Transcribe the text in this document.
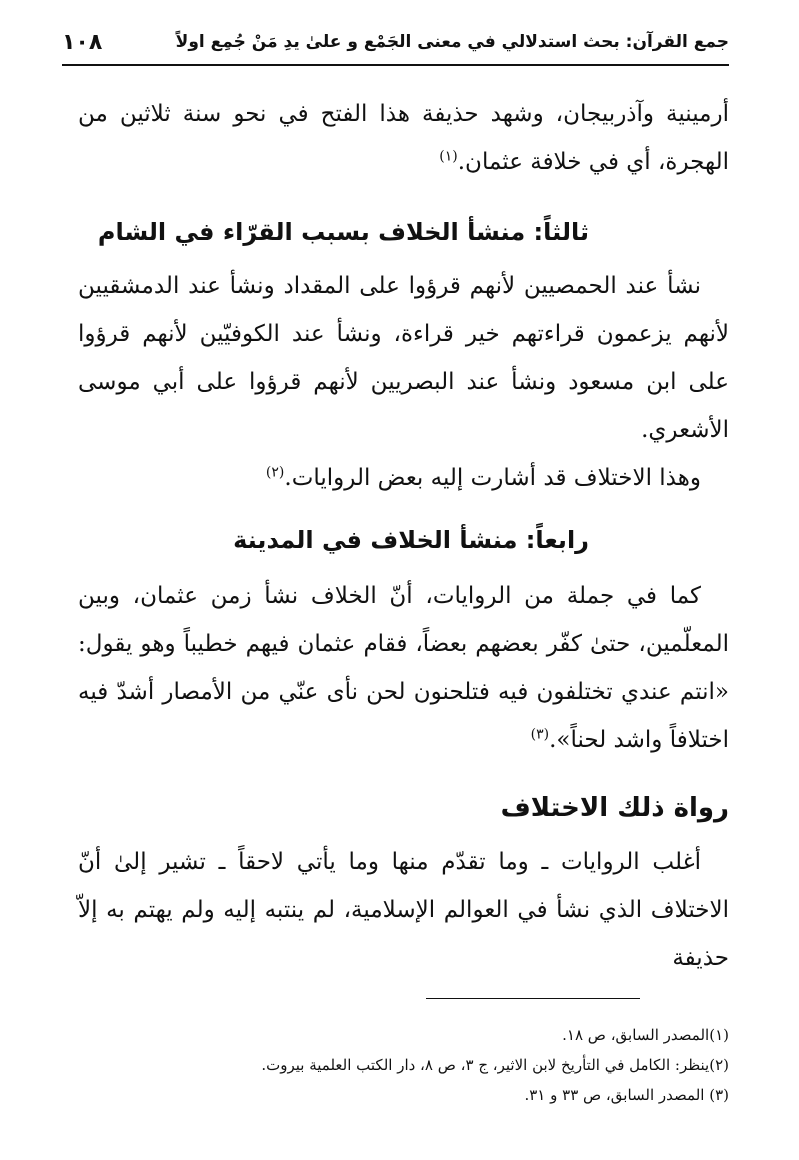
جمع القرآن: بحث استدلالي في معنى الجَمْع و علىٰ يدِ مَنْ جُمِع اولاً
١٠٨

أرمينية وآذربيجان، وشهد حذيفة هذا الفتح في نحو سنة ثلاثين من الهجرة، أي في خلافة عثمان.$^{(١)}$

ثالثاً: منشأ الخلاف بسبب القرّاء في الشام

نشأ عند الحمصيين لأنهم قرؤوا على المقداد ونشأ عند الدمشقيين لأنهم يزعمون قراءتهم خير قراءة، ونشأ عند الكوفيّين لأنهم قرؤوا على ابن مسعود ونشأ عند البصريين لأنهم قرؤوا على أبي موسى الأشعري.

وهذا الاختلاف قد أشارت إليه بعض الروايات.$^{(٢)}$

رابعاً: منشأ الخلاف في المدينة

كما في جملة من الروايات، أنّ الخلاف نشأ زمن عثمان، وبين المعلّمين، حتىٰ كفّر بعضهم بعضاً، فقام عثمان فيهم خطيباً وهو يقول: «انتم عندي تختلفون فيه فتلحنون لحن نأى عنّي من الأمصار أشدّ فيه اختلافاً واشد لحناً».$^{(٣)}$

رواة ذلك الاختلاف

أغلب الروايات ـ وما تقدّم منها وما يأتي لاحقاً ـ تشير إلىٰ أنّ الاختلاف الذي نشأ في العوالم الإسلامية، لم ينتبه إليه ولم يهتم به إلاّ حذيفة

(١)المصدر السابق، ص ١٨.

(٢)ينظر: الكامل في التأريخ لابن الاثير، ج ٣، ص ٨، دار الكتب العلمية بيروت.

(٣) المصدر السابق، ص ٣٣ و ٣١.
